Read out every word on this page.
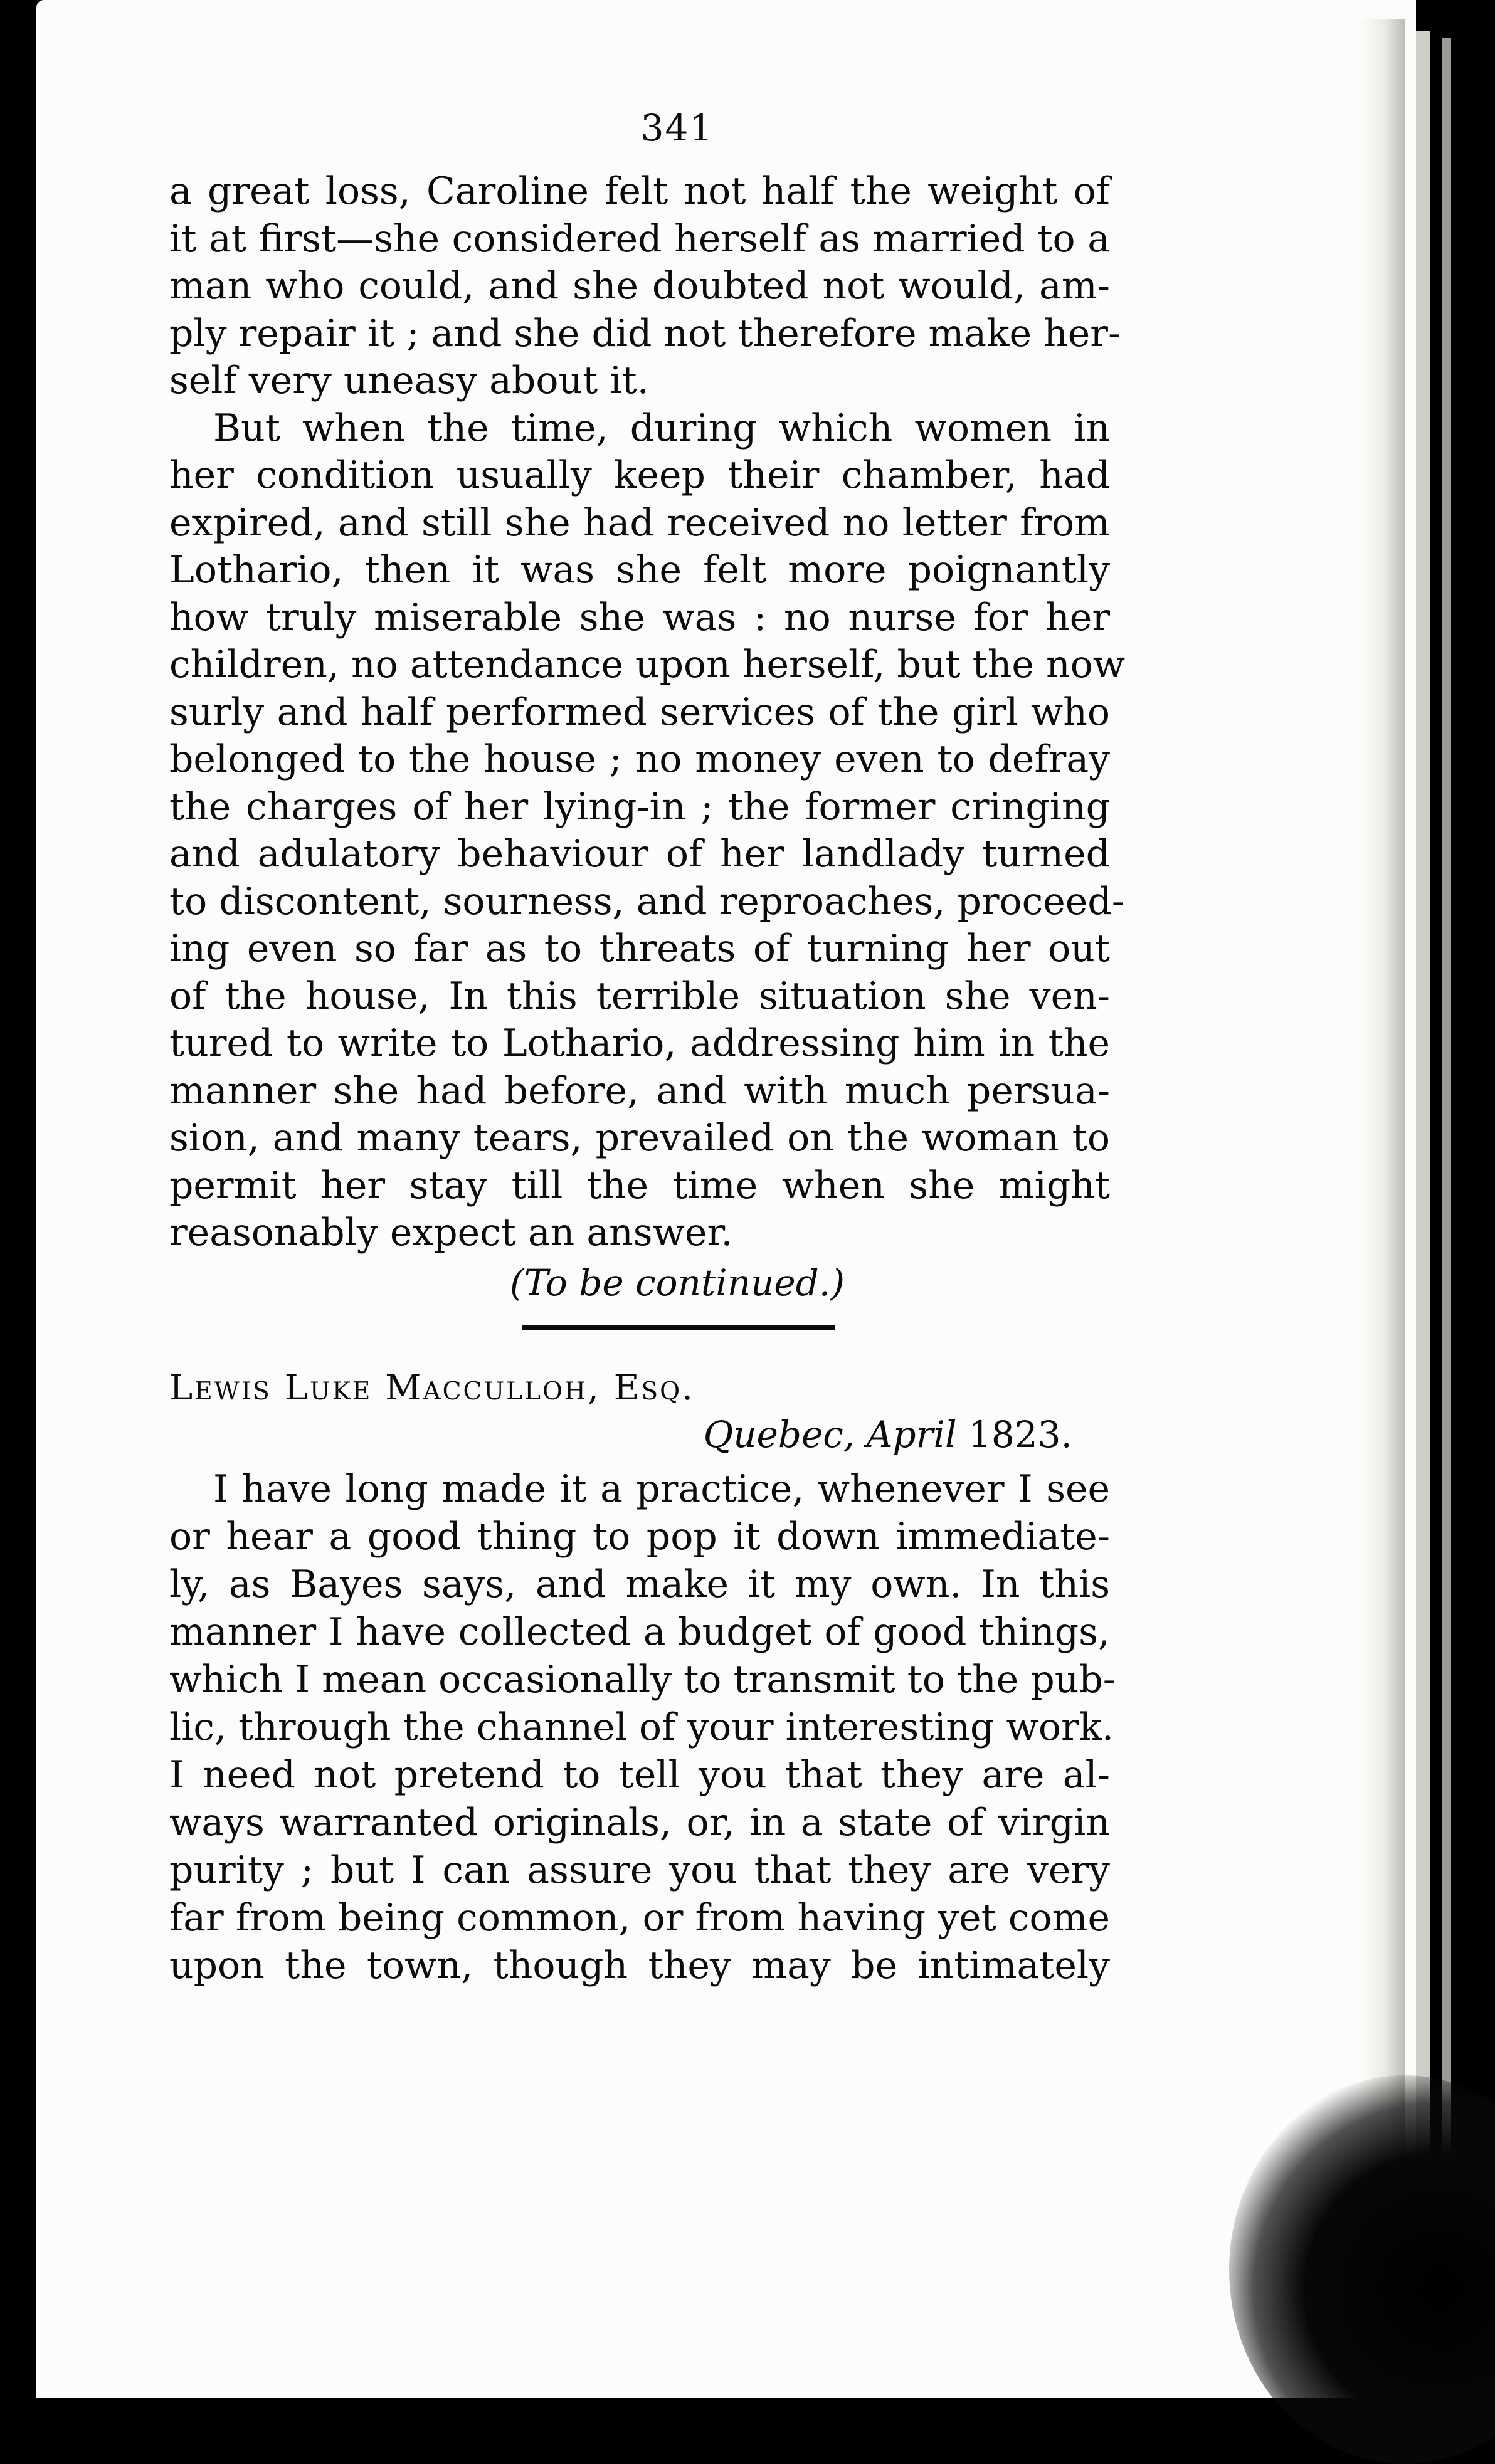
341
a great loss, Caroline felt not half the weight of
it at first—she considered herself as married to a
man who could, and she doubted not would, am-
ply repair it ; and she did not therefore make her-
self very uneasy about it.
But when the time, during which women in
her condition usually keep their chamber, had
expired, and still she had received no letter from
Lothario, then it was she felt more poignantly
how truly miserable she was : no nurse for her
children, no attendance upon herself, but the now
surly and half performed services of the girl who
belonged to the house ; no money even to defray
the charges of her lying-in ; the former cringing
and adulatory behaviour of her landlady turned
to discontent, sourness, and reproaches, proceed-
ing even so far as to threats of turning her out
of the house, In this terrible situation she ven-
tured to write to Lothario, addressing him in the
manner she had before, and with much persua-
sion, and many tears, prevailed on the woman to
permit her stay till the time when she might
reasonably expect an answer.
(To be continued.)
Lewis Luke Macculloh, Esq.
Quebec, April 1823.
I have long made it a practice, whenever I see
or hear a good thing to pop it down immediate-
ly, as Bayes says, and make it my own. In this
manner I have collected a budget of good things,
which I mean occasionally to transmit to the pub-
lic, through the channel of your interesting work.
I need not pretend to tell you that they are al-
ways warranted originals, or, in a state of virgin
purity ; but I can assure you that they are very
far from being common, or from having yet come
upon the town, though they may be intimately
